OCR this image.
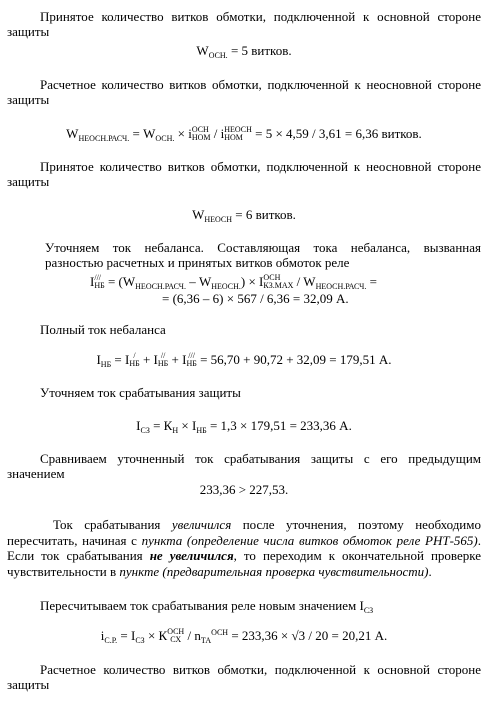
Принятое количество витков обмотки, подключенной к основной стороне защиты
$W_{ОСН.} = 5$ витков.
Расчетное количество витков обмотки, подключенной к неосновной стороне защиты
$W_{НЕОСН.РАСЧ.} = W_{ОСН.} \times i$ ОСН
НОМ / i НЕОСН
НОМ = 5 × 4,59 / 3,61 = 6,36 витков.
Принятое количество витков обмотки, подключенной к неосновной стороне защиты
$W_{НЕОСН} = 6$ витков.
Уточняем ток небаланса. Составляющая тока небаланса, вызванная
разностью расчетных и принятых витков обмоток реле
I ///
НБ = $(W_{НЕОСН.РАСЧ.} - W_{НЕОСН.}) \times I$ ОСН
$КЗ.MAX / W_{НЕОСН.РАСЧ.}$ =
= (6,36 – 6) × 567 / 6,36 = 32,09 А.
Полный ток небаланса
$I_{НБ} = I$ /
НБ + I //
НБ + I ///
НБ = 56,70 + 90,72 + 32,09 = 179,51 А.
Уточняем ток срабатывания защиты
$I_{СЗ} = К_Н \times I_{НБ} = 1,3 \times 179,51 = 233,36$ А.
Сравниваем уточненный ток срабатывания защиты с его предыдущим значением
233,36 > 227,53.
Ток срабатывания увеличился после уточнения, поэтому необходимо пересчитать, начиная с пункта (определение числа витков обмоток реле РНТ-565). Если ток срабатывания не увеличился, то переходим к окончательной проверке чувствительности в пункте (предварительная проверка чувствительности).
Пересчитываем ток срабатывания реле новым значением $I_{СЗ}$
$i_{С.Р.} = I_{СЗ} \times К$ ОСН
СХ / $n_{ТА}^{ОСН} = 233,36 \times √3 / 20 = 20,21$ А.
Расчетное количество витков обмотки, подключенной к основной стороне защиты
